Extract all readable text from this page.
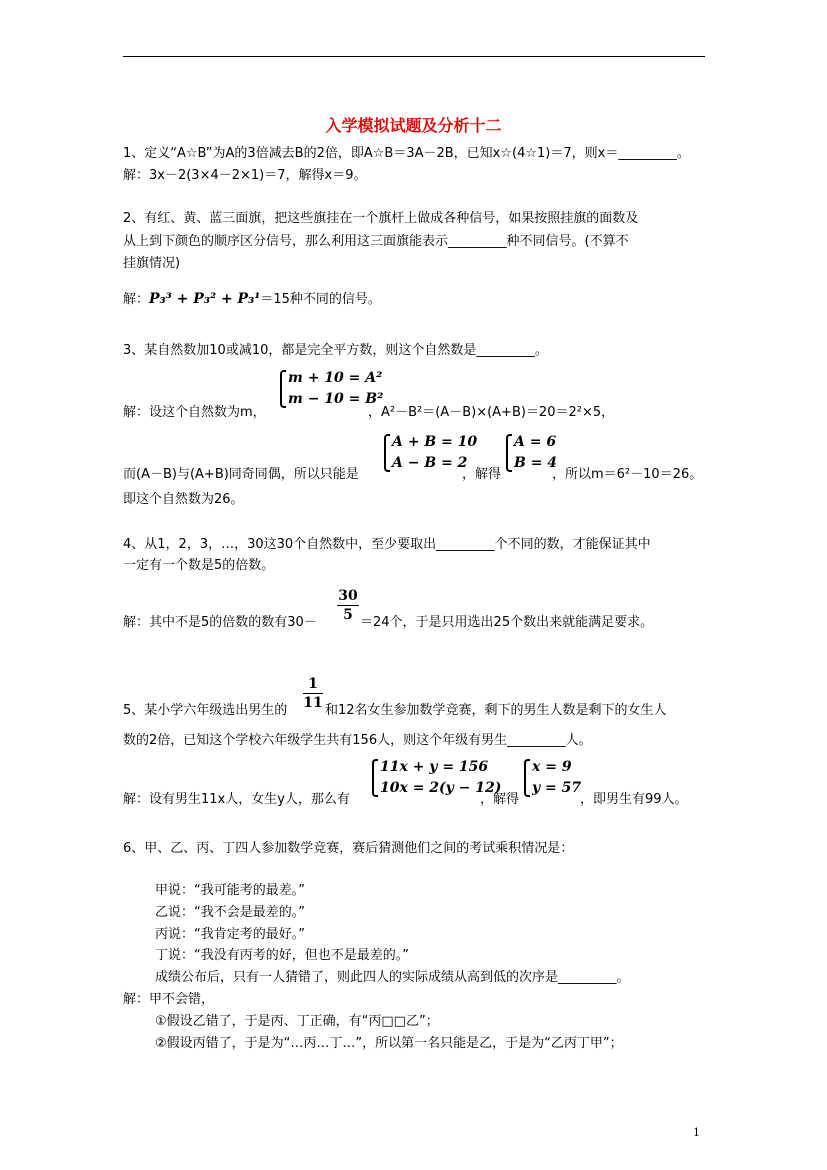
入学模拟试题及分析十二
1、定义“A☆B”为A的3倍减去B的2倍，即A☆B＝3A－2B，已知x☆(4☆1)＝7，则x＝_________。
解：3x－2(3×4－2×1)＝7，解得x＝9。
2、有红、黄、蓝三面旗，把这些旗挂在一个旗杆上做成各种信号，如果按照挂旗的面数及
从上到下颜色的顺序区分信号，那么利用这三面旗能表示_________种不同信号。(不算不
挂旗情况)
解：P₃³ + P₃² + P₃¹＝15种不同的信号。
3、某自然数加10或减10，都是完全平方数，则这个自然数是_________。
解：设这个自然数为m，
m + 10 = A²
m − 10 = B²
，A²－B²＝(A－B)×(A+B)＝20＝2²×5，
而(A－B)与(A+B)同奇同偶，所以只能是
A + B = 10
A − B = 2
，解得
A = 6
B = 4
，所以m＝6²－10＝26。
即这个自然数为26。
4、从1，2，3，…，30这30个自然数中，至少要取出_________个不同的数，才能保证其中
一定有一个数是5的倍数。
解：其中不是5的倍数的数有30－
30
5 ＝24个，于是只用选出25个数出来就能满足要求。
5、某小学六年级选出男生的
1
11 和12名女生参加数学竞赛，剩下的男生人数是剩下的女生人
数的2倍，已知这个学校六年级学生共有156人，则这个年级有男生_________人。
解：设有男生11x人，女生y人，那么有
11x + y = 156
10x = 2(y − 12)
，解得
x = 9
y = 57
，即男生有99人。
6、甲、乙、丙、丁四人参加数学竞赛，赛后猜测他们之间的考试乘积情况是：
甲说：“我可能考的最差。”
乙说：“我不会是最差的。”
丙说：“我肯定考的最好。”
丁说：“我没有丙考的好，但也不是最差的。”
成绩公布后，只有一人猜错了，则此四人的实际成绩从高到低的次序是_________。
解：甲不会错，
①假设乙错了，于是丙、丁正确，有“丙□□乙”；
②假设丙错了，于是为“…丙…丁…”，所以第一名只能是乙，于是为“乙丙丁甲”；
1
